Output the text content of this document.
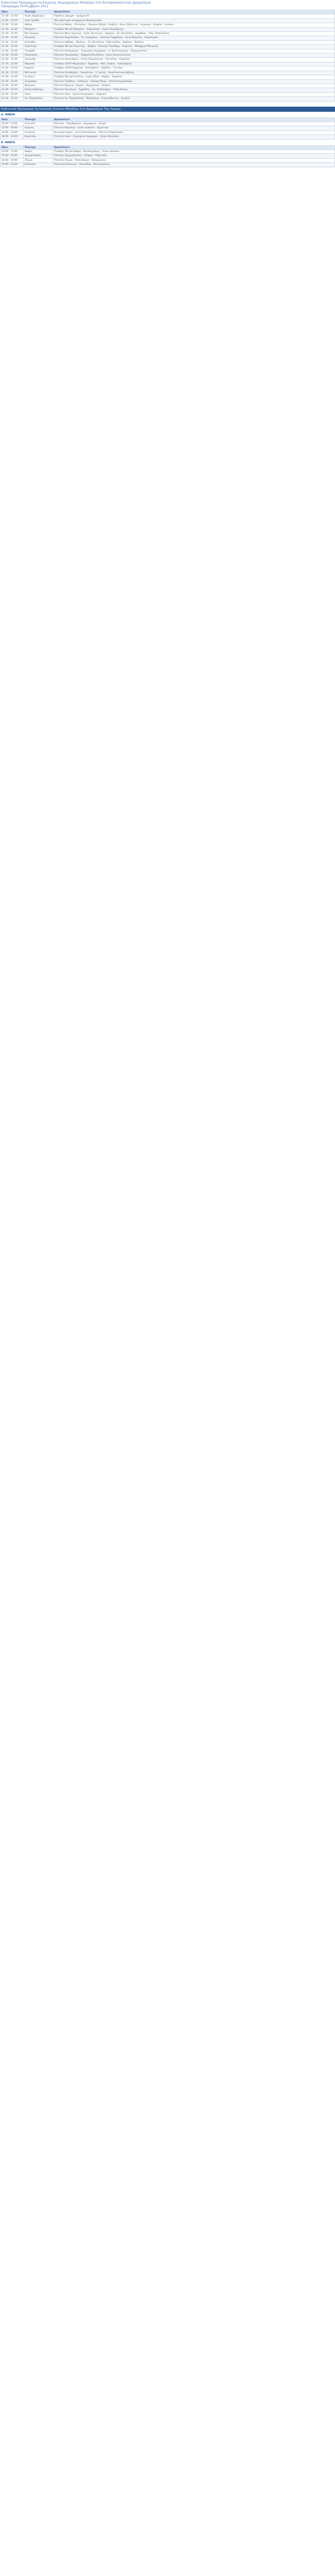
Ενδεικτικό Πρόγραμμα Λειτουργίας Νομαρχιακών Μονάδων Στα Αντιπροσωπευτικά Δρομολόγια
Πρόγραμμα Σεπτεμβρίου 2011
Ώρες	Περιοχή	Δρομολόγιο
21:30 - 23:30	Άγιος Δημήτριος	Πράσινη γραμμή – γραμμή 20
21:30 - 23:30	Αγία Τριάδα	Ίδια αφετηρία λεωφορείου Νοσοκομείου
21:30 - 23:30	Αθήνα	Πλατεία Βάθης - Πατησίων - Φωκίων Νέγρη - Κυψέλη - Άγιος Μελέτιος - Αχαρνών - Κυψέλη - Λιοσίων
21:30 - 23:30	Μοσχάτο	Σταθμός Μετρό Μοσχάτο - Χαροκόπου - Αγίου Σπυρίδωνος
21:30 - 23:30	Νέα Σμύρνη	Πλατεία Νέας Σμύρνης - Αγίας Φωτεινής - Ομήρου - Ελ. Βενιζέλου - Αμφιθέας - Παρ. Ποσειδώνος
21:30 - 23:30	Πειραιάς	Πλατεία Καραϊσκάκη - Γρ. Λαμπράκη - Πλατεία Τερψιθέας - Ακτή Μιαούλη - Πασαλιμάνι
21:30 - 23:30	Καλλιθέα	Πλατεία Δαβάκη - Θησέως - Ελ. Βενιζέλου - Σιβιτανίδου - Δαβάκη - Θησέως
21:30 - 23:30	Περιστέρι	Σταθμός Μετρό Περιστέρι - Θηβών - Παναγή Τσαλδάρη - Κηφισού - Εθνάρχου Μακαρίου
21:30 - 23:30	Γλυφάδα	Πλατεία Καλαμακίου - Γρηγορίου Λαμπράκη - Λ. Βουλιαγμένης - Ζησιμοπούλου
21:30 - 23:30	Ηλιούπολη	Πλατεία Ηλιούπολης - Σοφοκλή Βενιζέλου - Αγίου Κωνσταντίνου
21:30 - 23:30	Χαλάνδρι	Πλατεία Χαλανδρίου - Αγίας Παρασκευής - Πεντέλης - Κηφισίας
21:30 - 23:30	Μαρούσι	Σταθμός ΗΣΑΠ Μαρουσίου - Κηφισίας - Βασ. Σοφίας - Χαλανδρίου
21:30 - 23:30	Κηφισιά	Σταθμός ΗΣΑΠ Κηφισιάς - Κασσαβέτη - Λεβίδου - Τατοΐου
21:30 - 23:30	Νέα Ιωνία	Πλατεία Ελευθερίας - Ηρακλείου - Λ. Ιωνίας - Κωνσταντινουπόλεως
21:30 - 23:30	Αιγάλεω	Σταθμός Μετρό Αιγάλεω - Ιεράς Οδού - Θηβών - Κηφισού
21:30 - 23:30	Ζωγράφου	Πλατεία Γαρδένια - Παπάγου - Ούλοφ Πάλμε - Πανεπιστημιούπολη
21:30 - 23:30	Βύρωνας	Πλατεία Βύρωνα - Καρέα - Φορμίωνος - Κύπρου
21:30 - 23:30	Παλαιό Φάληρο	Πλατεία Τριτώνων - Αμφιθέας - Αγ. Αλεξάνδρου - Ποσειδώνος
21:30 - 23:30	Ίλιον	Πλατεία Ιλίου - Αγίων Αναργύρων - Κηφισού
21:30 - 23:30	Αγ. Παρασκευή	Πλατεία Αγ. Παρασκευής - Μεσογείων - Ευρυμέδοντος - Αιγαίου
Ενδεικτικό Πρόγραμμα Λειτουργίας Κινητών Μονάδων Στα Δρομολόγια Της Ημέρας
Α' ΗΜΕΡΑ
Ώρες	Περιοχή	Δρομολόγιο
10:00 - 13:00	Ανατολή	Πλατεία - Ταχυδρομείο - Δημαρχείο - Αγορά
13:00 - 16:00	Καμίνια	Πλατεία Καμινίων - Αγίου Ιωάννου - Δημοτικό
16:00 - 19:00	Πειραιάς	Κεντρικό λιμάνι - Ακτή Ποσειδώνος - Πλατεία Καραϊσκάκη
19:00 - 22:00	Κερατσίνι	Πλατεία Λαού - Γρηγορίου Λαμπράκη - Αγίου Νικολάου
Β' ΗΜΕΡΑ
Ώρες	Περιοχή	Δρομολόγιο
10:00 - 13:00	Δάφνη	Σταθμός Μετρό Δάφνη - Βουλιαγμένης - Αγίου Ιωάννου
13:00 - 16:00	Αργυρούπολη	Πλατεία Αργυρούπολης - Κύπρου - Κορυτσάς
16:00 - 19:00	Άλιμος	Πλατεία Αλίμου - Ποσειδώνος - Καλαμακίου
19:00 - 22:00	Ελληνικό	Πλατεία Ελληνικού - Ιασωνίδου - Βουλιαγμένης
